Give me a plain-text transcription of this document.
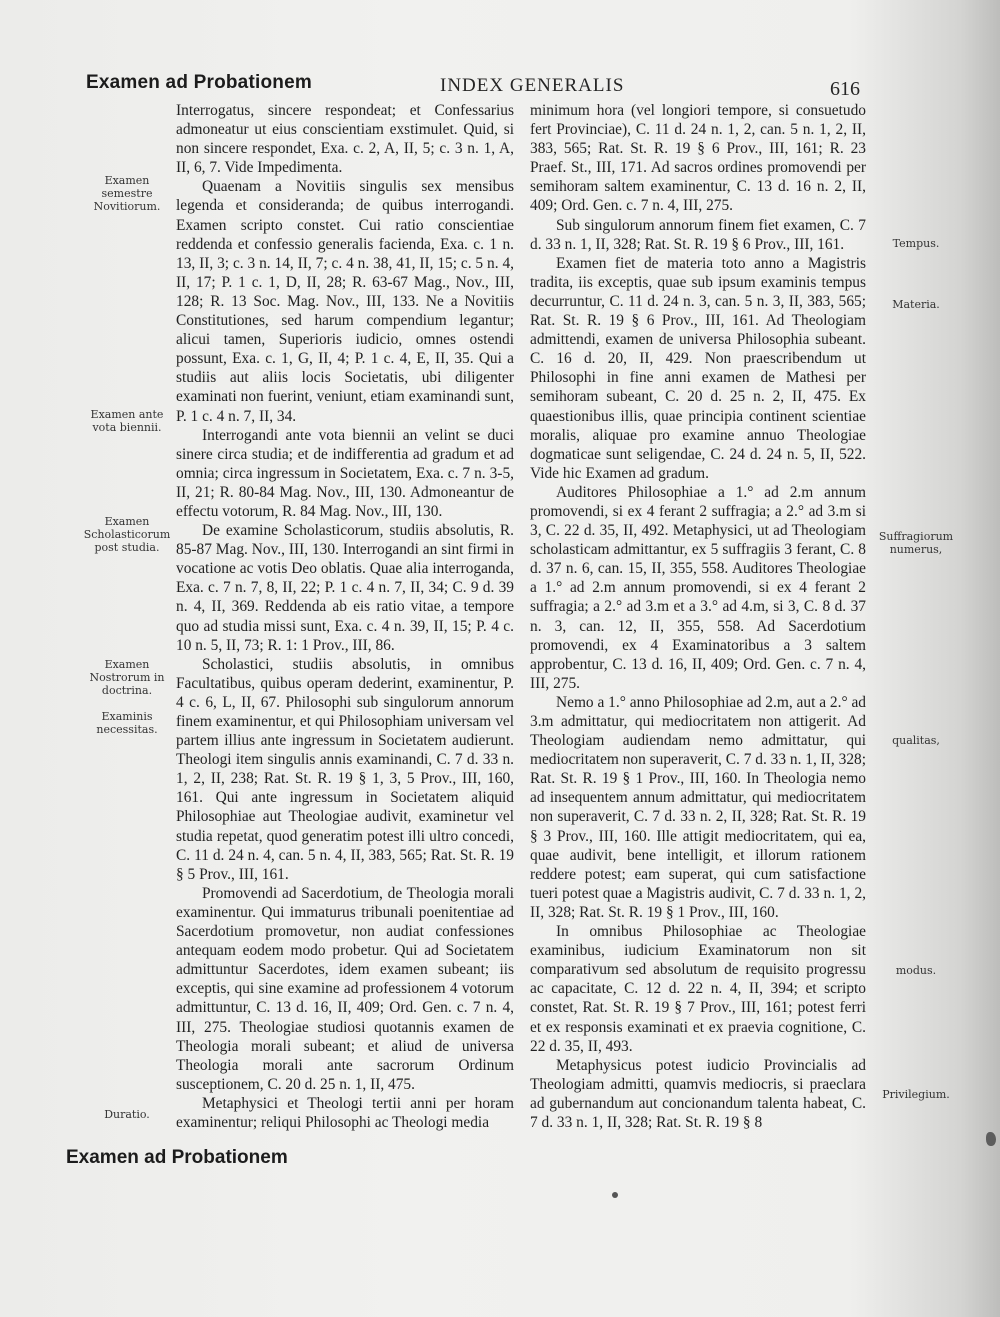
Examen ad Probationem	INDEX GENERALIS	616
Examen semestre Novitiorum.
Examen ante vota biennii.
Examen Scholasticorum post studia.
Examen Nostrorum in doctrina.
Examinis necessitas.
Duratio.
Tempus.
Materia.
Suffragiorum numerus,
qualitas,
modus.
Privilegium.

Interrogatus, sincere respondeat; et Confessarius admoneatur ut eius conscientiam exstimulet. Quid, si non sincere respondet, Exa. c. 2, A, II, 5; c. 3 n. 1, A, II, 6, 7. Vide Impedimenta.

Quaenam a Novitiis singulis sex mensibus legenda et consideranda; de quibus interrogandi. Examen scripto constet. Cui ratio conscientiae reddenda et confessio generalis facienda, Exa. c. 1 n. 13, II, 3; c. 3 n. 14, II, 7; c. 4 n. 38, 41, II, 15; c. 5 n. 4, II, 17; P. 1 c. 1, D, II, 28; R. 63-67 Mag., Nov., III, 128; R. 13 Soc. Mag. Nov., III, 133. Ne a Novitiis Constitutiones, sed harum compendium legantur; alicui tamen, Superioris iudicio, omnes ostendi possunt, Exa. c. 1, G, II, 4; P. 1 c. 4, E, II, 35. Qui a studiis aut aliis locis Societatis, ubi diligenter examinati non fuerint, veniunt, etiam examinandi sunt, P. 1 c. 4 n. 7, II, 34.

Interrogandi ante vota biennii an velint se duci sinere circa studia; et de indifferentia ad gradum et ad omnia; circa ingressum in Societatem, Exa. c. 7 n. 3-5, II, 21; R. 80-84 Mag. Nov., III, 130. Admoneantur de effectu votorum, R. 84 Mag. Nov., III, 130.

De examine Scholasticorum, studiis absolutis, R. 85-87 Mag. Nov., III, 130. Interrogandi an sint firmi in vocatione ac votis Deo oblatis. Quae alia interroganda, Exa. c. 7 n. 7, 8, II, 22; P. 1 c. 4 n. 7, II, 34; C. 9 d. 39 n. 4, II, 369. Reddenda ab eis ratio vitae, a tempore quo ad studia missi sunt, Exa. c. 4 n. 39, II, 15; P. 4 c. 10 n. 5, II, 73; R. 1: 1 Prov., III, 86.

Scholastici, studiis absolutis, in omnibus Facultatibus, quibus operam dederint, examinentur, P. 4 c. 6, L, II, 67. Philosophi sub singulorum annorum finem examinentur, et qui Philosophiam universam vel partem illius ante ingressum in Societatem audierunt. Theologi item singulis annis examinandi, C. 7 d. 33 n. 1, 2, II, 238; Rat. St. R. 19 § 1, 3, 5 Prov., III, 160, 161. Qui ante ingressum in Societatem aliquid Philosophiae aut Theologiae audivit, examinetur vel studia repetat, quod generatim potest illi ultro concedi, C. 11 d. 24 n. 4, can. 5 n. 4, II, 383, 565; Rat. St. R. 19 § 5 Prov., III, 161.

Promovendi ad Sacerdotium, de Theologia morali examinentur. Qui immaturus tribunali poenitentiae ad Sacerdotium promovetur, non audiat confessiones antequam eodem modo probetur. Qui ad Societatem admittuntur Sacerdotes, idem examen subeant; iis exceptis, qui sine examine ad professionem 4 votorum admittuntur, C. 13 d. 16, II, 409; Ord. Gen. c. 7 n. 4, III, 275. Theologiae studiosi quotannis examen de Theologia morali subeant; et aliud de universa Theologia morali ante sacrorum Ordinum susceptionem, C. 20 d. 25 n. 1, II, 475.

Metaphysici et Theologi tertii anni per horam examinentur; reliqui Philosophi ac Theologi media

minimum hora (vel longiori tempore, si consuetudo fert Provinciae), C. 11 d. 24 n. 1, 2, can. 5 n. 1, 2, II, 383, 565; Rat. St. R. 19 § 6 Prov., III, 161; R. 23 Praef. St., III, 171. Ad sacros ordines promovendi per semihoram saltem examinentur, C. 13 d. 16 n. 2, II, 409; Ord. Gen. c. 7 n. 4, III, 275.

Sub singulorum annorum finem fiet examen, C. 7 d. 33 n. 1, II, 328; Rat. St. R. 19 § 6 Prov., III, 161.

Examen fiet de materia toto anno a Magistris tradita, iis exceptis, quae sub ipsum examinis tempus decurruntur, C. 11 d. 24 n. 3, can. 5 n. 3, II, 383, 565; Rat. St. R. 19 § 6 Prov., III, 161. Ad Theologiam admittendi, examen de universa Philosophia subeant. C. 16 d. 20, II, 429. Non praescribendum ut Philosophi in fine anni examen de Mathesi per semihoram subeant, C. 20 d. 25 n. 2, II, 475. Ex quaestionibus illis, quae principia continent scientiae moralis, aliquae pro examine annuo Theologiae dogmaticae sunt seligendae, C. 24 d. 24 n. 5, II, 522. Vide hic Examen ad gradum.

Auditores Philosophiae a 1.° ad 2.m annum promovendi, si ex 4 ferant 2 suffragia; a 2.° ad 3.m si 3, C. 22 d. 35, II, 492. Metaphysici, ut ad Theologiam scholasticam admittantur, ex 5 suffragiis 3 ferant, C. 8 d. 37 n. 6, can. 15, II, 355, 558. Auditores Theologiae a 1.° ad 2.m annum promovendi, si ex 4 ferant 2 suffragia; a 2.° ad 3.m et a 3.° ad 4.m, si 3, C. 8 d. 37 n. 3, can. 12, II, 355, 558. Ad Sacerdotium promovendi, ex 4 Examinatoribus a 3 saltem approbentur, C. 13 d. 16, II, 409; Ord. Gen. c. 7 n. 4, III, 275.

Nemo a 1.° anno Philosophiae ad 2.m, aut a 2.° ad 3.m admittatur, qui mediocritatem non attigerit. Ad Theologiam audiendam nemo admittatur, qui mediocritatem non superaverit, C. 7 d. 33 n. 1, II, 328; Rat. St. R. 19 § 1 Prov., III, 160. In Theologia nemo ad insequentem annum admittatur, qui mediocritatem non superaverit, C. 7 d. 33 n. 2, II, 328; Rat. St. R. 19 § 3 Prov., III, 160. Ille attigit mediocritatem, qui ea, quae audivit, bene intelligit, et illorum rationem reddere potest; eam superat, qui cum satisfactione tueri potest quae a Magistris audivit, C. 7 d. 33 n. 1, 2, II, 328; Rat. St. R. 19 § 1 Prov., III, 160.

In omnibus Philosophiae ac Theologiae examinibus, iudicium Examinatorum non sit comparativum sed absolutum de requisito progressu ac capacitate, C. 12 d. 22 n. 4, II, 394; et scripto constet, Rat. St. R. 19 § 7 Prov., III, 161; potest ferri et ex responsis examinati et ex praevia cognitione, C. 22 d. 35, II, 493.

Metaphysicus potest iudicio Provincialis ad Theologiam admitti, quamvis mediocris, si praeclara ad gubernandum aut concionandum talenta habeat, C. 7 d. 33 n. 1, II, 328; Rat. St. R. 19 § 8

Examen ad Probationem
